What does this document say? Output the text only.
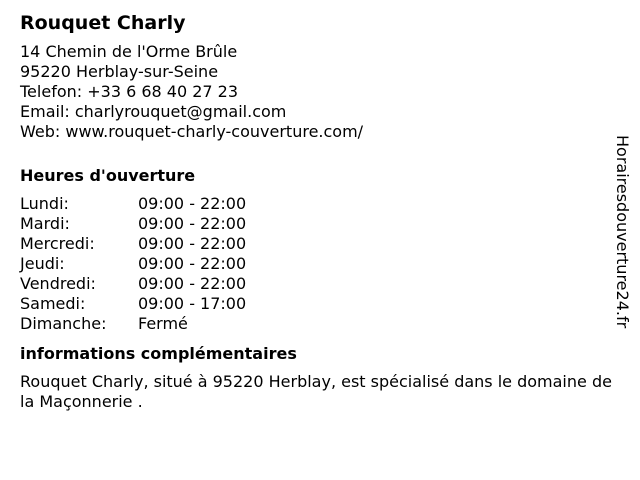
Rouquet Charly
14 Chemin de l'Orme Brûle
95220 Herblay-sur-Seine
Telefon: +33 6 68 40 27 23
Email: charlyrouquet@gmail.com
Web: www.rouquet-charly-couverture.com/
Heures d'ouverture
Lundi:	09:00 - 22:00
Mardi:	09:00 - 22:00
Mercredi:	09:00 - 22:00
Jeudi:	09:00 - 22:00
Vendredi:	09:00 - 22:00
Samedi:	09:00 - 17:00
Dimanche:	Fermé
informations complémentaires
Rouquet Charly, situé à 95220 Herblay, est spécialisé dans le domaine de la Maçonnerie .
Horairesdouverture24.fr
